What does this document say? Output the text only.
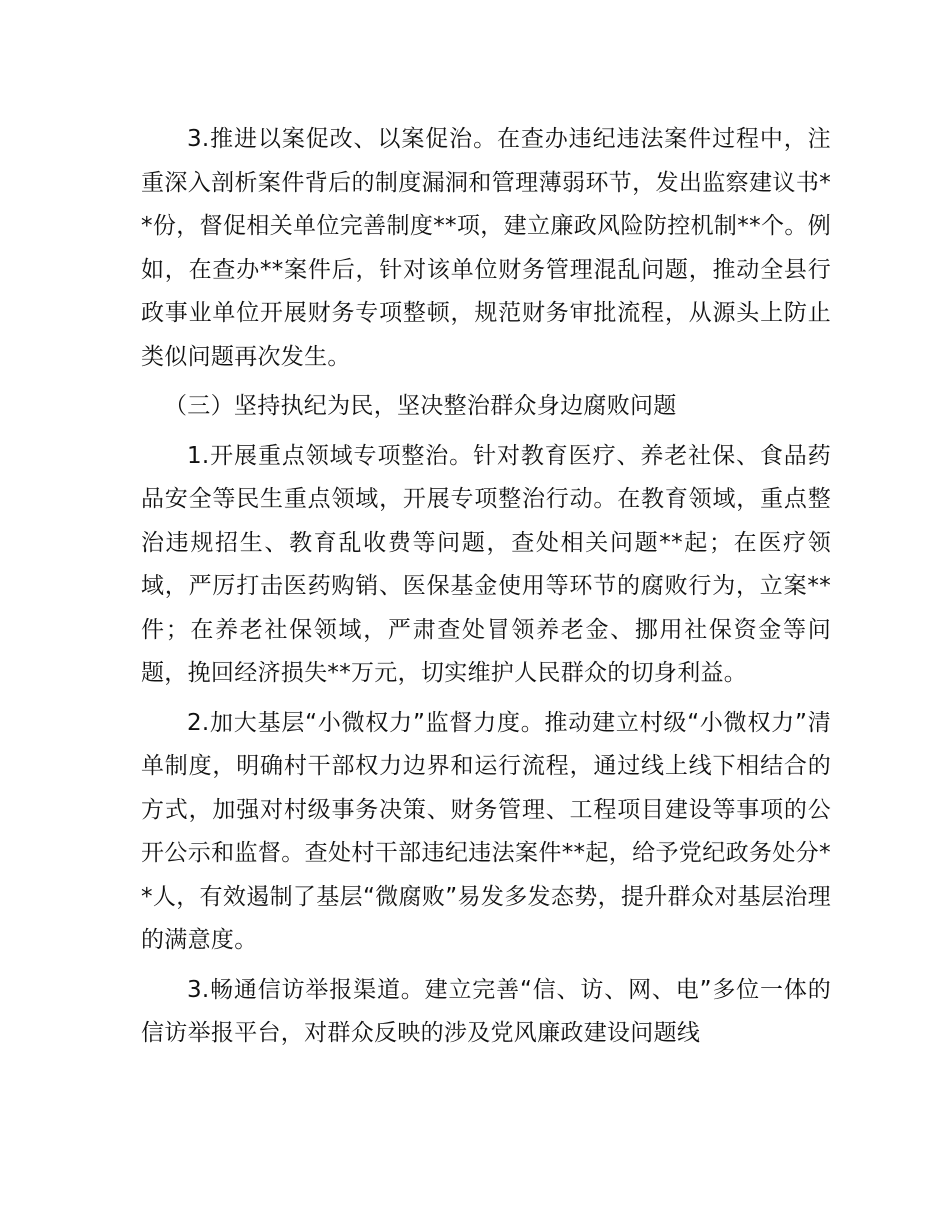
3.推进以案促改、以案促治。在查办违纪违法案件过程中，注重深入剖析案件背后的制度漏洞和管理薄弱环节，发出监察建议书**份，督促相关单位完善制度**项，建立廉政风险防控机制**个。例如，在查办**案件后，针对该单位财务管理混乱问题，推动全县行政事业单位开展财务专项整顿，规范财务审批流程，从源头上防止类似问题再次发生。

（三）坚持执纪为民，坚决整治群众身边腐败问题

1.开展重点领域专项整治。针对教育医疗、养老社保、食品药品安全等民生重点领域，开展专项整治行动。在教育领域，重点整治违规招生、教育乱收费等问题，查处相关问题**起；在医疗领域，严厉打击医药购销、医保基金使用等环节的腐败行为，立案**件；在养老社保领域，严肃查处冒领养老金、挪用社保资金等问题，挽回经济损失**万元，切实维护人民群众的切身利益。

2.加大基层“小微权力”监督力度。推动建立村级“小微权力”清单制度，明确村干部权力边界和运行流程，通过线上线下相结合的方式，加强对村级事务决策、财务管理、工程项目建设等事项的公开公示和监督。查处村干部违纪违法案件**起，给予党纪政务处分**人，有效遏制了基层“微腐败”易发多发态势，提升群众对基层治理的满意度。

3.畅通信访举报渠道。建立完善“信、访、网、电”多位一体的信访举报平台，对群众反映的涉及党风廉政建设问题线
